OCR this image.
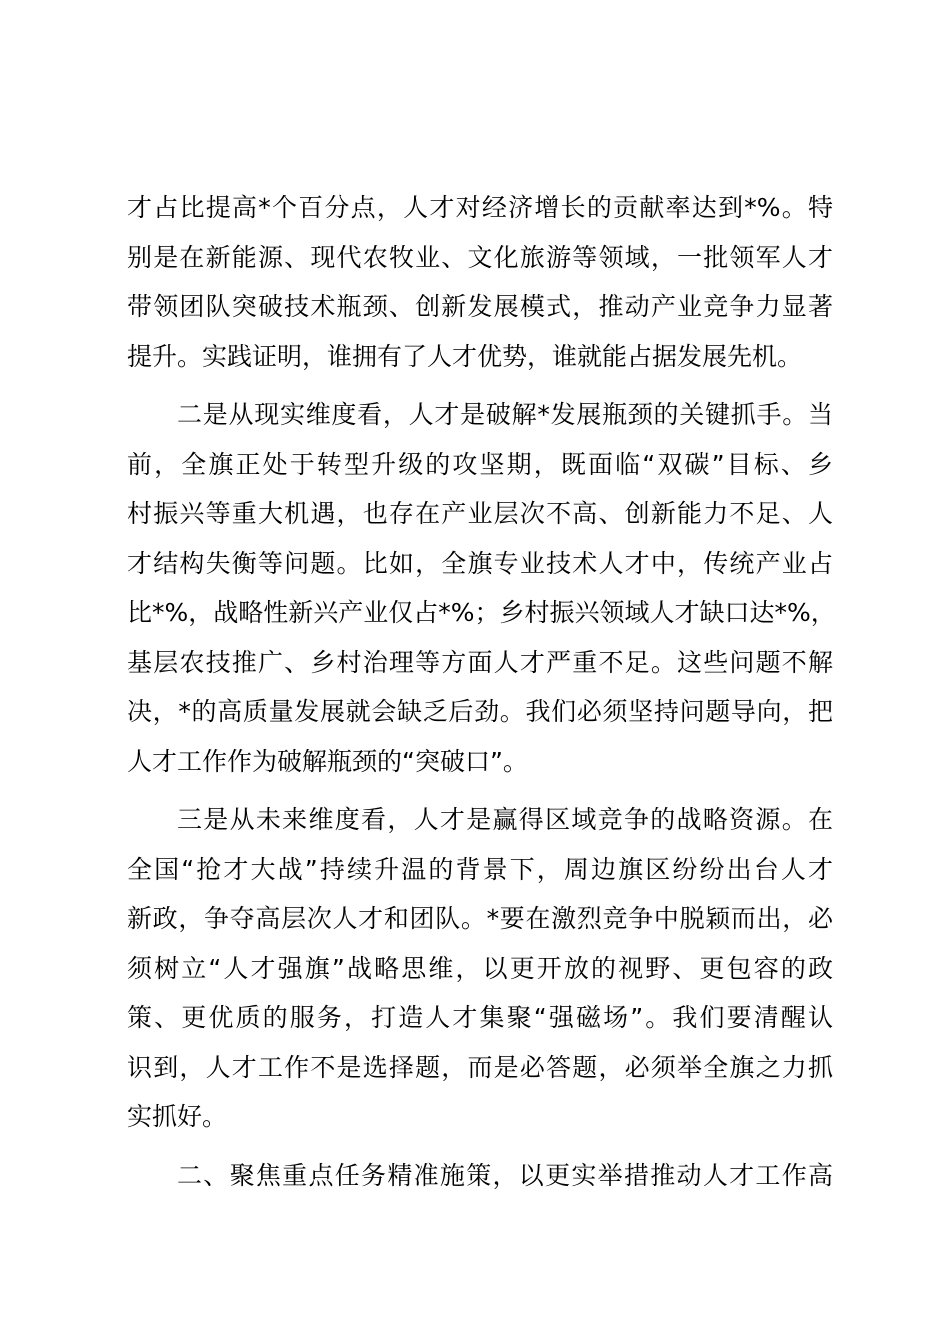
才占比提高*个百分点，人才对经济增长的贡献率达到*%。特
别是在新能源、现代农牧业、文化旅游等领域，一批领军人才
带领团队突破技术瓶颈、创新发展模式，推动产业竞争力显著
提升。实践证明，谁拥有了人才优势，谁就能占据发展先机。
二是从现实维度看，人才是破解*发展瓶颈的关键抓手。当
前，全旗正处于转型升级的攻坚期，既面临“双碳”目标、乡
村振兴等重大机遇，也存在产业层次不高、创新能力不足、人
才结构失衡等问题。比如，全旗专业技术人才中，传统产业占
比*%，战略性新兴产业仅占*%；乡村振兴领域人才缺口达*%，
基层农技推广、乡村治理等方面人才严重不足。这些问题不解
决，*的高质量发展就会缺乏后劲。我们必须坚持问题导向，把
人才工作作为破解瓶颈的“突破口”。
三是从未来维度看，人才是赢得区域竞争的战略资源。在
全国“抢才大战”持续升温的背景下，周边旗区纷纷出台人才
新政，争夺高层次人才和团队。*要在激烈竞争中脱颖而出，必
须树立“人才强旗”战略思维，以更开放的视野、更包容的政
策、更优质的服务，打造人才集聚“强磁场”。我们要清醒认
识到，人才工作不是选择题，而是必答题，必须举全旗之力抓
实抓好。
二、聚焦重点任务精准施策，以更实举措推动人才工作高
